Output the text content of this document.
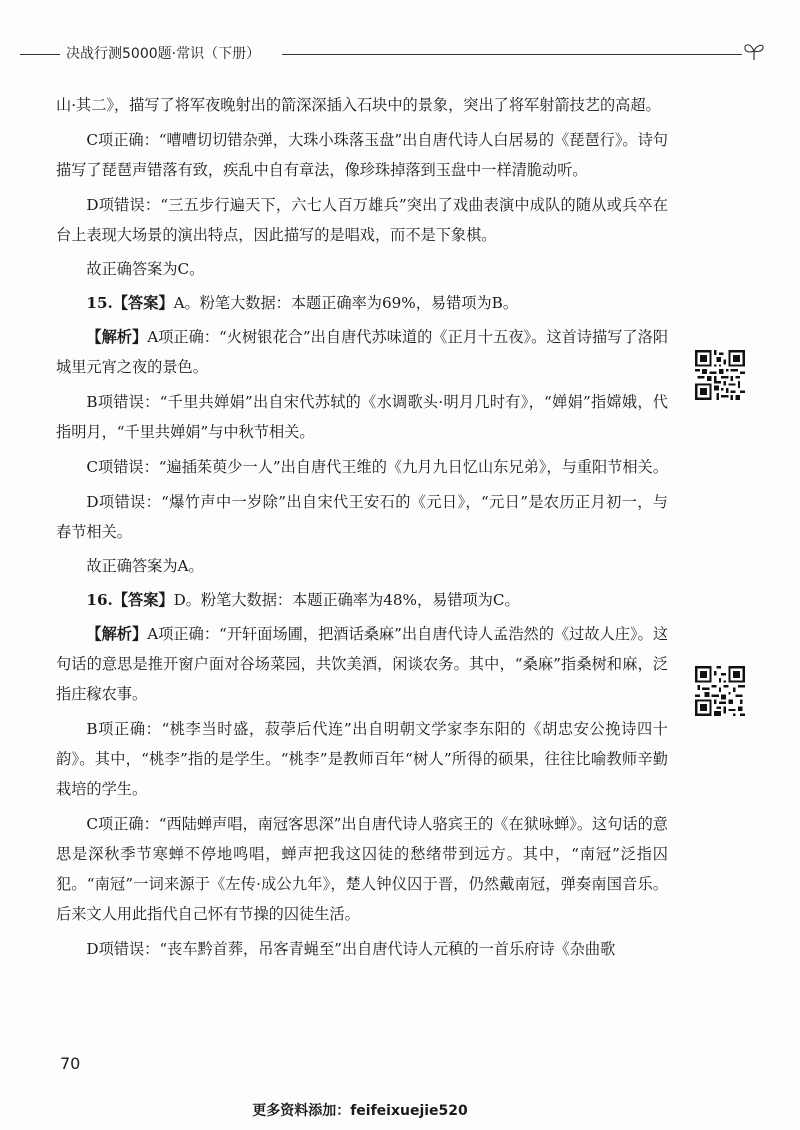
决战行测5000题·常识（下册）

山·其二》，描写了将军夜晚射出的箭深深插入石块中的景象，突出了将军射箭技艺的高超。

C项正确：“嘈嘈切切错杂弹，大珠小珠落玉盘”出自唐代诗人白居易的《琵琶行》。诗句描写了琵琶声错落有致，疾乱中自有章法，像珍珠掉落到玉盘中一样清脆动听。

D项错误：“三五步行遍天下，六七人百万雄兵”突出了戏曲表演中成队的随从或兵卒在台上表现大场景的演出特点，因此描写的是唱戏，而不是下象棋。

故正确答案为C。

15.【答案】A。粉笔大数据：本题正确率为69%，易错项为B。

【解析】A项正确：“火树银花合”出自唐代苏味道的《正月十五夜》。这首诗描写了洛阳城里元宵之夜的景色。

B项错误：“千里共婵娟”出自宋代苏轼的《水调歌头·明月几时有》，“婵娟”指嫦娥，代指明月，“千里共婵娟”与中秋节相关。

C项错误：“遍插茱萸少一人”出自唐代王维的《九月九日忆山东兄弟》，与重阳节相关。

D项错误：“爆竹声中一岁除”出自宋代王安石的《元日》，“元日”是农历正月初一，与春节相关。

故正确答案为A。

16.【答案】D。粉笔大数据：本题正确率为48%，易错项为C。

【解析】A项正确：“开轩面场圃，把酒话桑麻”出自唐代诗人孟浩然的《过故人庄》。这句话的意思是推开窗户面对谷场菜园，共饮美酒，闲谈农务。其中，“桑麻”指桑树和麻，泛指庄稼农事。

B项正确：“桃李当时盛，菽荸后代连”出自明朝文学家李东阳的《胡忠安公挽诗四十韵》。其中，“桃李”指的是学生。“桃李”是教师百年“树人”所得的硕果，往往比喻教师辛勤栽培的学生。

C项正确：“西陆蝉声唱，南冠客思深”出自唐代诗人骆宾王的《在狱咏蝉》。这句话的意思是深秋季节寒蝉不停地鸣唱，蝉声把我这囚徒的愁绪带到远方。其中，“南冠”泛指囚犯。“南冠”一词来源于《左传·成公九年》，楚人钟仪囚于晋，仍然戴南冠，弹奏南国音乐。后来文人用此指代自己怀有节操的囚徒生活。

D项错误：“丧车黔首葬，吊客青蝇至”出自唐代诗人元稹的一首乐府诗《杂曲歌

70
更多资料添加：feifeixuejie520
